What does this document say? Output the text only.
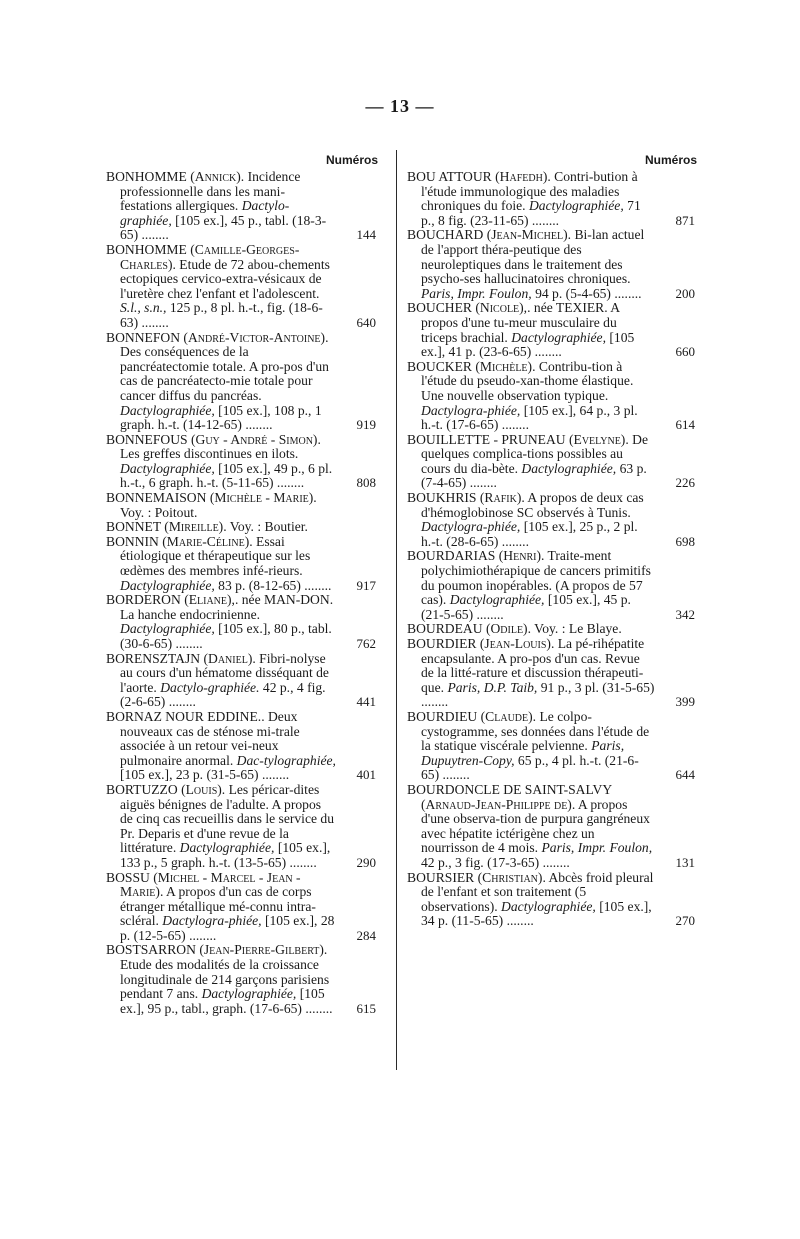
— 13 —
Numéros
BONHOMME (Annick). Incidence professionnelle dans les mani-festations allergiques. Dactylo-graphiée, [105 ex.], 45 p., tabl. (18-3-65) ........	144
BONHOMME (Camille-Georges-Charles). Etude de 72 abou-chements ectopiques cervico-extra-vésicaux de l'uretère chez l'enfant et l'adolescent. S.l., s.n., 125 p., 8 pl. h.-t., fig. (18-6-63) ........	640
BONNEFON (André-Victor-Antoine). Des conséquences de la pancréatectomie totale. A pro-pos d'un cas de pancréatecto-mie totale pour cancer diffus du pancréas. Dactylographiée, [105 ex.], 108 p., 1 graph. h.-t. (14-12-65) ........	919
BONNEFOUS (Guy - André - Simon). Les greffes discontinues en ilots. Dactylographiée, [105 ex.], 49 p., 6 pl. h.-t., 6 graph. h.-t. (5-11-65) ........	808
BONNEMAISON (Michèle - Marie). Voy. : Poitout.
BONNET (Mireille). Voy. : Boutier.
BONNIN (Marie-Céline). Essai étiologique et thérapeutique sur les œdèmes des membres infé-rieurs. Dactylographiée, 83 p. (8-12-65) ........	917
BORDERON (Eliane),. née MAN-DON. La hanche endocrinienne. Dactylographiée, [105 ex.], 80 p., tabl. (30-6-65) ........	762
BORENSZTAJN (Daniel). Fibri-nolyse au cours d'un hématome disséquant de l'aorte. Dactylo-graphiée. 42 p., 4 fig. (2-6-65) ........	441
BORNAZ NOUR EDDINE.. Deux nouveaux cas de sténose mi-trale associée à un retour vei-neux pulmonaire anormal. Dac-tylographiée, [105 ex.], 23 p. (31-5-65) ........	401
BORTUZZO (Louis). Les péricar-dites aiguës bénignes de l'adulte. A propos de cinq cas recueillis dans le service du Pr. Deparis et d'une revue de la littérature. Dactylographiée, [105 ex.], 133 p., 5 graph. h.-t. (13-5-65) ........	290
BOSSU (Michel - Marcel - Jean - Marie). A propos d'un cas de corps étranger métallique mé-connu intra-scléral. Dactylogra-phiée, [105 ex.], 28 p. (12-5-65) ........	284
BOSTSARRON (Jean-Pierre-Gilbert). Etude des modalités de la croissance longitudinale de 214 garçons parisiens pendant 7 ans. Dactylographiée, [105 ex.], 95 p., tabl., graph. (17-6-65) ........	615
Numéros
BOU ATTOUR (Hafedh). Contri-bution à l'étude immunologique des maladies chroniques du foie. Dactylographiée, 71 p., 8 fig. (23-11-65) ........	871
BOUCHARD (Jean-Michel). Bi-lan actuel de l'apport théra-peutique des neuroleptiques dans le traitement des psycho-ses hallucinatoires chroniques. Paris, Impr. Foulon, 94 p. (5-4-65) ........	200
BOUCHER (Nicole),. née TEXIER. A propos d'une tu-meur musculaire du triceps brachial. Dactylographiée, [105 ex.], 41 p. (23-6-65) ........	660
BOUCKER (Michèle). Contribu-tion à l'étude du pseudo-xan-thome élastique. Une nouvelle observation typique. Dactylogra-phiée, [105 ex.], 64 p., 3 pl. h.-t. (17-6-65) ........	614
BOUILLETTE - PRUNEAU (Evelyne). De quelques complica-tions possibles au cours du dia-bète. Dactylographiée, 63 p. (7-4-65) ........	226
BOUKHRIS (Rafik). A propos de deux cas d'hémoglobinose SC observés à Tunis. Dactylogra-phiée, [105 ex.], 25 p., 2 pl. h.-t. (28-6-65) ........	698
BOURDARIAS (Henri). Traite-ment polychimiothérapique de cancers primitifs du poumon inopérables. (A propos de 57 cas). Dactylographiée, [105 ex.], 45 p. (21-5-65) ........	342
BOURDEAU (Odile). Voy. : Le Blaye.
BOURDIER (Jean-Louis). La pé-rihépatite encapsulante. A pro-pos d'un cas. Revue de la litté-rature et discussion thérapeuti-que. Paris, D.P. Taib, 91 p., 3 pl. (31-5-65) ........	399
BOURDIEU (Claude). Le colpo-cystogramme, ses données dans l'étude de la statique viscérale pelvienne. Paris, Dupuytren-Copy, 65 p., 4 pl. h.-t. (21-6-65) ........	644
BOURDONCLE DE SAINT-SALVY (Arnaud-Jean-Philippe de). A propos d'une observa-tion de purpura gangréneux avec hépatite ictérigène chez un nourrisson de 4 mois. Paris, Impr. Foulon, 42 p., 3 fig. (17-3-65) ........	131
BOURSIER (Christian). Abcès froid pleural de l'enfant et son traitement (5 observations). Dactylographiée, [105 ex.], 34 p. (11-5-65) ........	270
